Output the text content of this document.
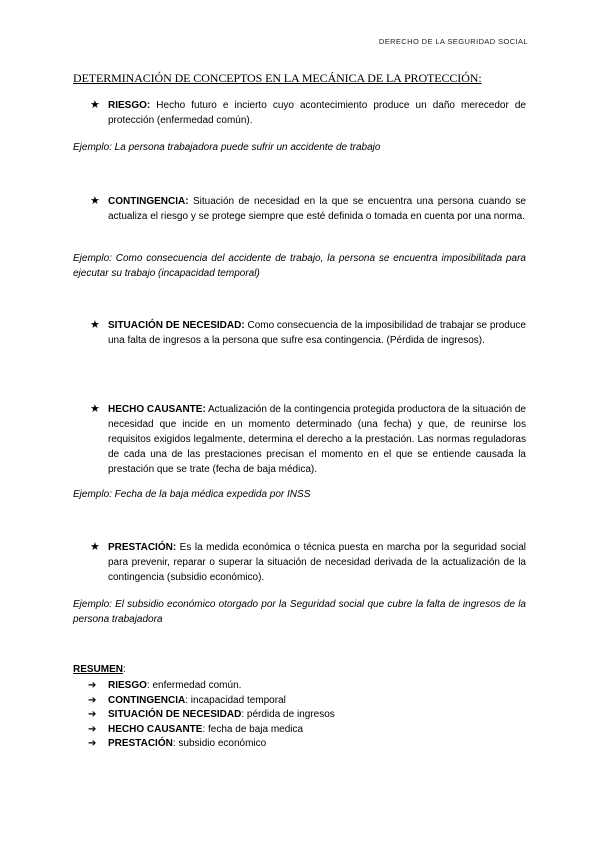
DERECHO DE LA SEGURIDAD SOCIAL
DETERMINACIÓN DE CONCEPTOS EN LA MECÁNICA DE LA PROTECCIÓN:
★ RIESGO: Hecho futuro e incierto cuyo acontecimiento produce un daño merecedor de protección (enfermedad común).
Ejemplo: La persona trabajadora puede sufrir un accidente de trabajo
★ CONTINGENCIA: Situación de necesidad en la que se encuentra una persona cuando se actualiza el riesgo y se protege siempre que esté definida o tomada en cuenta por una norma.
Ejemplo: Como consecuencia del accidente de trabajo, la persona se encuentra imposibilitada para ejecutar su trabajo (incapacidad temporal)
★ SITUACIÓN DE NECESIDAD: Como consecuencia de la imposibilidad de trabajar se produce una falta de ingresos a la persona que sufre esa contingencia. (Pérdida de ingresos).
★ HECHO CAUSANTE: Actualización de la contingencia protegida productora de la situación de necesidad que incide en un momento determinado (una fecha) y que, de reunirse los requisitos exigidos legalmente, determina el derecho a la prestación. Las normas reguladoras de cada una de las prestaciones precisan el momento en el que se entiende causada la prestación que se trate (fecha de baja médica).
Ejemplo: Fecha de la baja médica expedida por INSS
★ PRESTACIÓN: Es la medida económica o técnica puesta en marcha por la seguridad social para prevenir, reparar o superar la situación de necesidad derivada de la actualización de la contingencia (subsidio económico).
Ejemplo: El subsidio económico otorgado por la Seguridad social que cubre la falta de ingresos de la persona trabajadora
RESUMEN:
➔ RIESGO: enfermedad común.
➔ CONTINGENCIA: incapacidad temporal
➔ SITUACIÓN DE NECESIDAD: pérdida de ingresos
➔ HECHO CAUSANTE: fecha de baja medica
➔ PRESTACIÓN: subsidio económico
